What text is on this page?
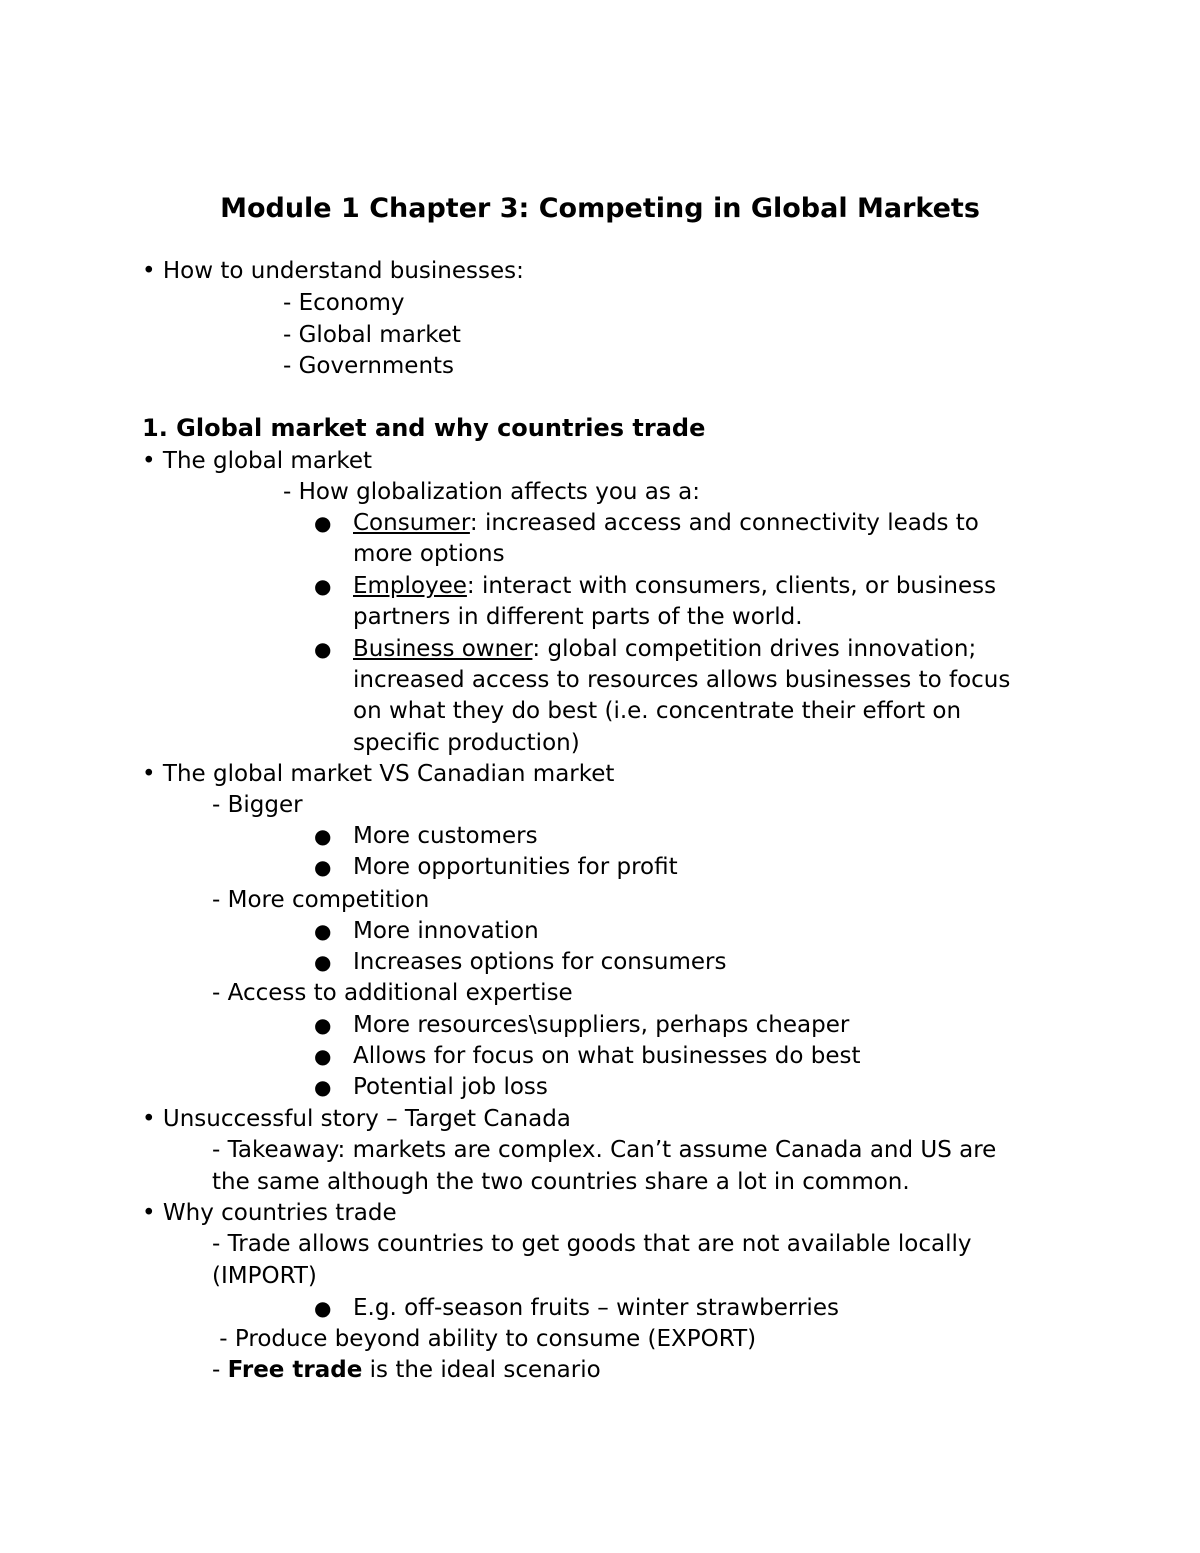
Module 1 Chapter 3: Competing in Global Markets
• How to understand businesses:
- Economy
- Global market
- Governments
1. Global market and why countries trade
• The global market
- How globalization affects you as a:
● Consumer: increased access and connectivity leads to
more options
● Employee: interact with consumers, clients, or business
partners in different parts of the world.
● Business owner: global competition drives innovation;
increased access to resources allows businesses to focus
on what they do best (i.e. concentrate their effort on
specific production)
• The global market VS Canadian market
- Bigger
● More customers
● More opportunities for profit
- More competition
● More innovation
● Increases options for consumers
- Access to additional expertise
● More resources\suppliers, perhaps cheaper
● Allows for focus on what businesses do best
● Potential job loss
• Unsuccessful story – Target Canada
- Takeaway: markets are complex. Can’t assume Canada and US are
the same although the two countries share a lot in common.
• Why countries trade
- Trade allows countries to get goods that are not available locally
(IMPORT)
● E.g. off-season fruits – winter strawberries
- Produce beyond ability to consume (EXPORT)
- Free trade is the ideal scenario
